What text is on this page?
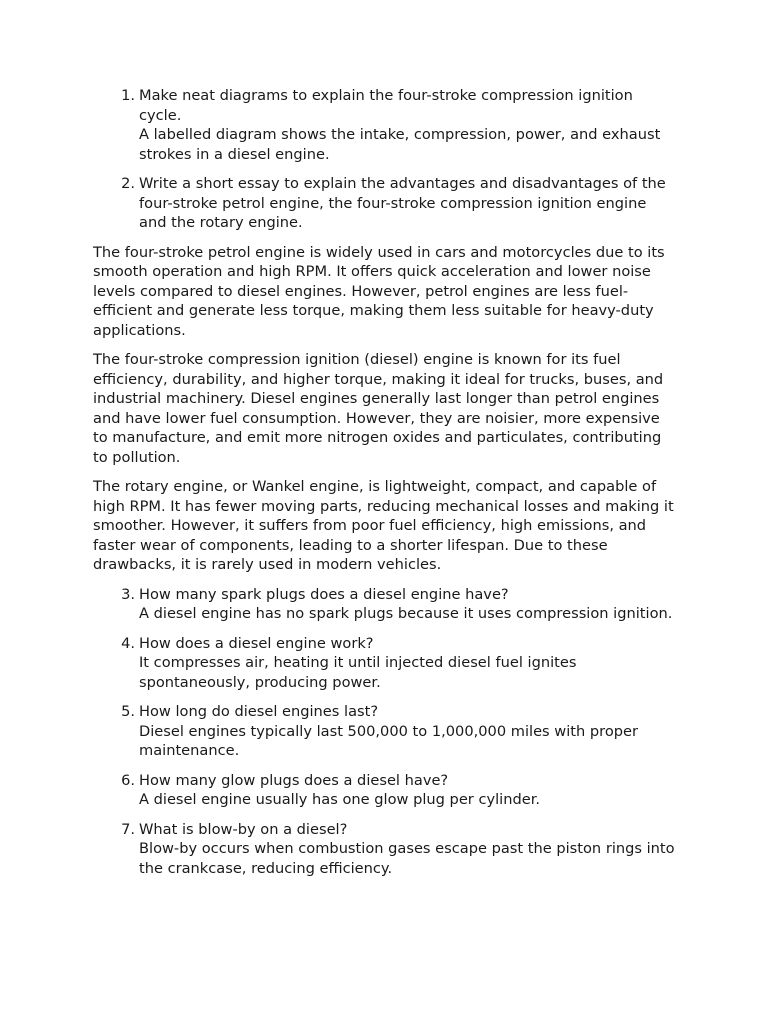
1. Make neat diagrams to explain the four-stroke compression ignition cycle.
A labelled diagram shows the intake, compression, power, and exhaust strokes in a diesel engine.
2. Write a short essay to explain the advantages and disadvantages of the four-stroke petrol engine, the four-stroke compression ignition engine and the rotary engine.

The four-stroke petrol engine is widely used in cars and motorcycles due to its smooth operation and high RPM. It offers quick acceleration and lower noise levels compared to diesel engines. However, petrol engines are less fuel-efficient and generate less torque, making them less suitable for heavy-duty applications.

The four-stroke compression ignition (diesel) engine is known for its fuel efficiency, durability, and higher torque, making it ideal for trucks, buses, and industrial machinery. Diesel engines generally last longer than petrol engines and have lower fuel consumption. However, they are noisier, more expensive to manufacture, and emit more nitrogen oxides and particulates, contributing to pollution.

The rotary engine, or Wankel engine, is lightweight, compact, and capable of high RPM. It has fewer moving parts, reducing mechanical losses and making it smoother. However, it suffers from poor fuel efficiency, high emissions, and faster wear of components, leading to a shorter lifespan. Due to these drawbacks, it is rarely used in modern vehicles.

3. How many spark plugs does a diesel engine have?
A diesel engine has no spark plugs because it uses compression ignition.
4. How does a diesel engine work?
It compresses air, heating it until injected diesel fuel ignites spontaneously, producing power.
5. How long do diesel engines last?
Diesel engines typically last 500,000 to 1,000,000 miles with proper maintenance.
6. How many glow plugs does a diesel have?
A diesel engine usually has one glow plug per cylinder.
7. What is blow-by on a diesel?
Blow-by occurs when combustion gases escape past the piston rings into the crankcase, reducing efficiency.
